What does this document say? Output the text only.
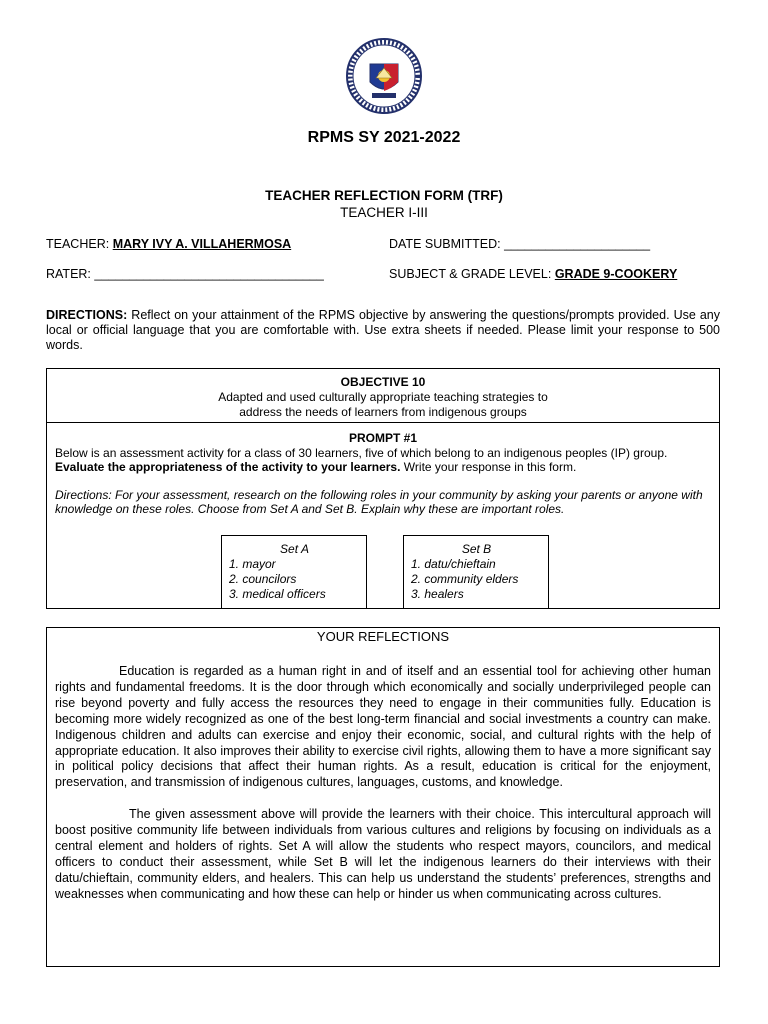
RPMS SY 2021-2022
TEACHER REFLECTION FORM (TRF)
TEACHER I-III
TEACHER: MARY IVY A. VILLAHERMOSA	DATE SUBMITTED: _____________________
RATER: _________________________________	SUBJECT & GRADE LEVEL: GRADE 9-COOKERY
DIRECTIONS: Reflect on your attainment of the RPMS objective by answering the questions/prompts provided. Use any local or official language that you are comfortable with. Use extra sheets if needed. Please limit your response to 500 words.
OBJECTIVE 10
Adapted and used culturally appropriate teaching strategies to
address the needs of learners from indigenous groups
PROMPT #1
Below is an assessment activity for a class of 30 learners, five of which belong to an indigenous peoples (IP) group.
Evaluate the appropriateness of the activity to your learners. Write your response in this form.
Directions: For your assessment, research on the following roles in your community by asking your parents or anyone with knowledge on these roles. Choose from Set A and Set B. Explain why these are important roles.
Set A
1. mayor
2. councilors
3. medical officers
Set B
1. datu/chieftain
2. community elders
3. healers
YOUR REFLECTIONS

Education is regarded as a human right in and of itself and an essential tool for achieving other human rights and fundamental freedoms. It is the door through which economically and socially underprivileged people can rise beyond poverty and fully access the resources they need to engage in their communities fully. Education is becoming more widely recognized as one of the best long-term financial and social investments a country can make. Indigenous children and adults can exercise and enjoy their economic, social, and cultural rights with the help of appropriate education. It also improves their ability to exercise civil rights, allowing them to have a more significant say in political policy decisions that affect their human rights. As a result, education is critical for the enjoyment, preservation, and transmission of indigenous cultures, languages, customs, and knowledge.

The given assessment above will provide the learners with their choice. This intercultural approach will boost positive community life between individuals from various cultures and religions by focusing on individuals as a central element and holders of rights. Set A will allow the students who respect mayors, councilors, and medical officers to conduct their assessment, while Set B will let the indigenous learners do their interviews with their datu/chieftain, community elders, and healers. This can help us understand the students’ preferences, strengths and weaknesses when communicating and how these can help or hinder us when communicating across cultures.
